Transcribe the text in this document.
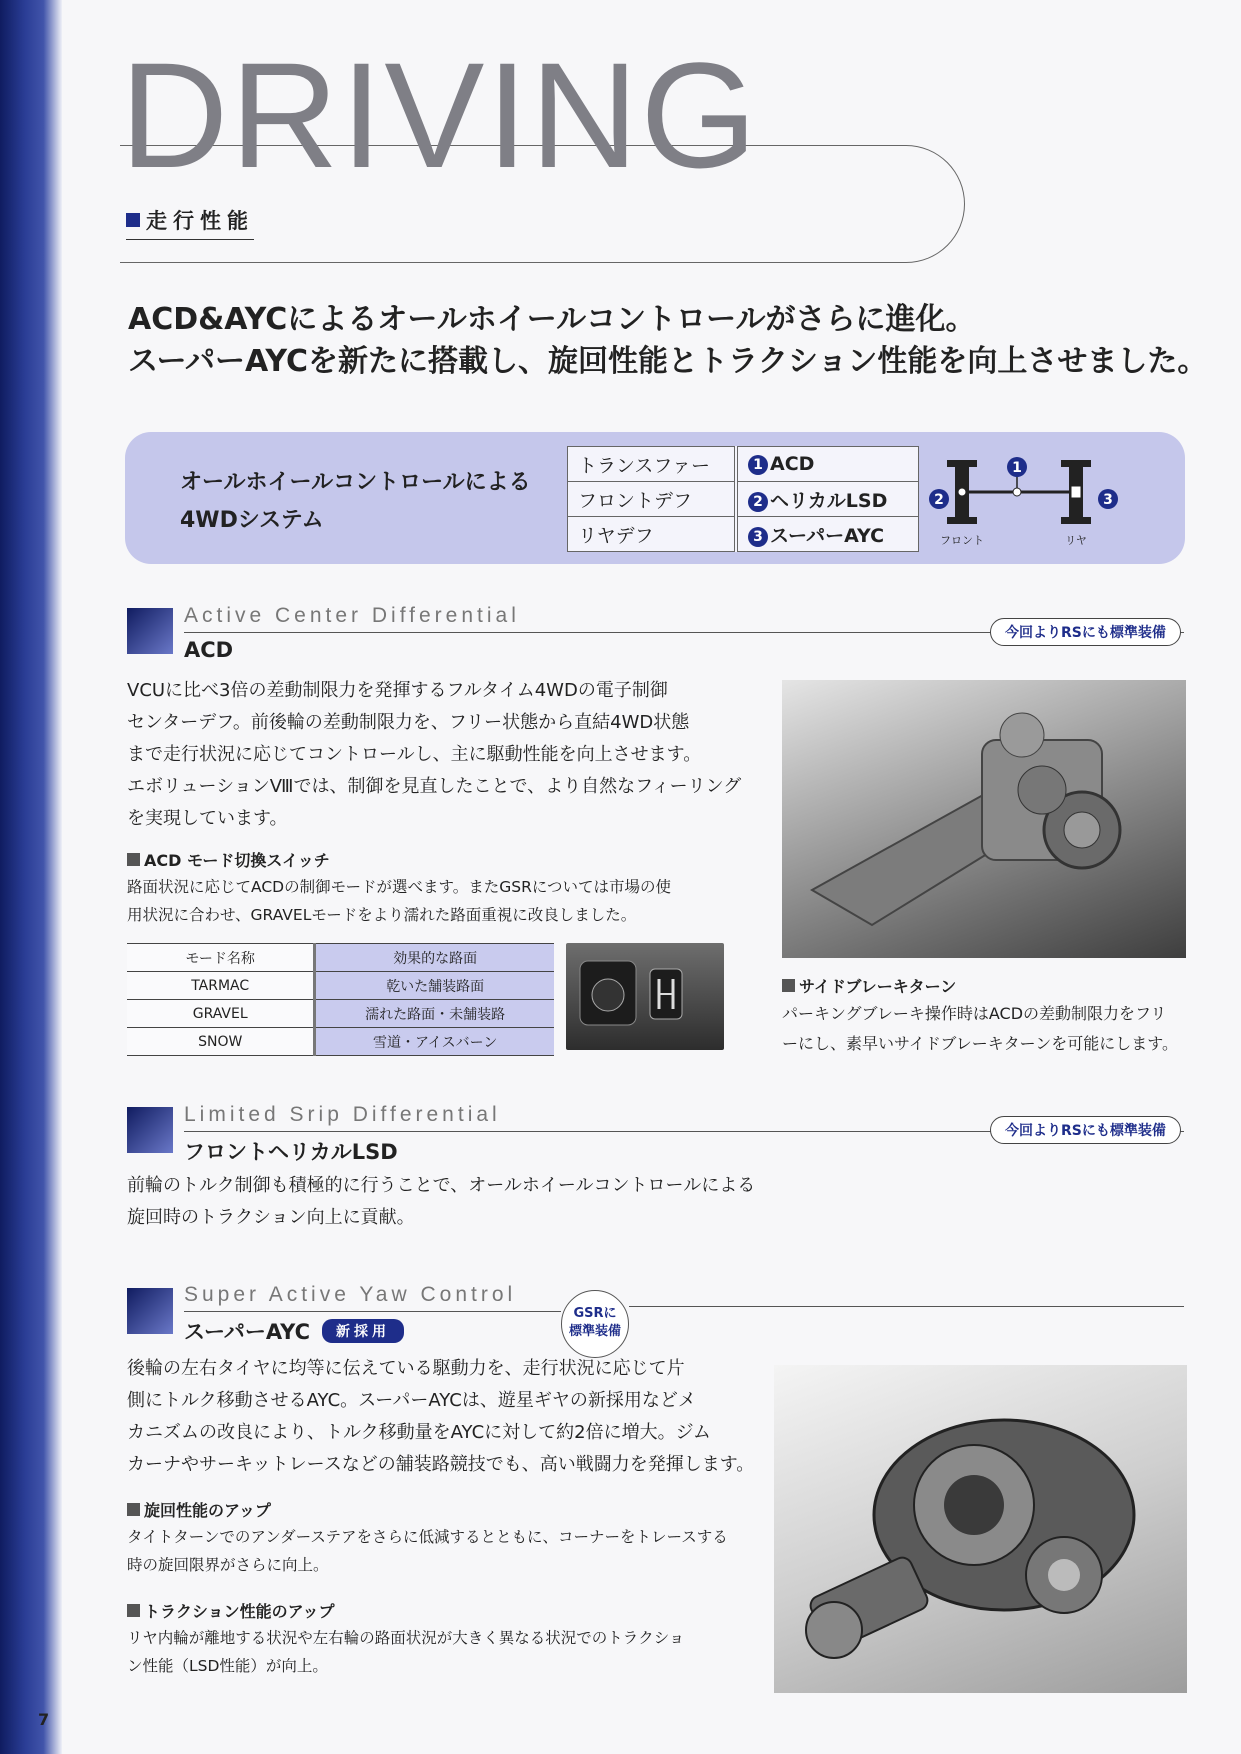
7
DRIVING
走行性能
ACD&AYCによるオールホイールコントロールがさらに進化。
スーパーAYCを新たに搭載し、旋回性能とトラクション性能を向上させました。
オールホイールコントロールによる
4WDシステム
トランスファー	1 ACD
フロントデフ	2 ヘリカルLSD
リヤデフ	3 スーパーAYC
1
2	3
フロント	リヤ
Active Center Differential
ACD
今回よりRSにも標準装備
VCUに比べ3倍の差動制限力を発揮するフルタイム4WDの電子制御
センターデフ。前後輪の差動制限力を、フリー状態から直結4WD状態
まで走行状況に応じてコントロールし、主に駆動性能を向上させます。
エボリューションⅧでは、制御を見直したことで、より自然なフィーリング
を実現しています。
ACD モード切換スイッチ
路面状況に応じてACDの制御モードが選べます。またGSRについては市場の使
用状況に合わせ、GRAVELモードをより濡れた路面重視に改良しました。
モード名称	効果的な路面
TARMAC	乾いた舗装路面
GRAVEL	濡れた路面・未舗装路
SNOW	雪道・アイスバーン
サイドブレーキターン
パーキングブレーキ操作時はACDの差動制限力をフリ
ーにし、素早いサイドブレーキターンを可能にします。
Limited Srip Differential
フロントヘリカルLSD
今回よりRSにも標準装備
前輪のトルク制御も積極的に行うことで、オールホイールコントロールによる
旋回時のトラクション向上に貢献。
Super Active Yaw Control
スーパーAYC	新採用
GSRに
標準装備
後輪の左右タイヤに均等に伝えている駆動力を、走行状況に応じて片
側にトルク移動させるAYC。スーパーAYCは、遊星ギヤの新採用などメ
カニズムの改良により、トルク移動量をAYCに対して約2倍に増大。ジム
カーナやサーキットレースなどの舗装路競技でも、高い戦闘力を発揮します。
旋回性能のアップ
タイトターンでのアンダーステアをさらに低減するとともに、コーナーをトレースする
時の旋回限界がさらに向上。
トラクション性能のアップ
リヤ内輪が離地する状況や左右輪の路面状況が大きく異なる状況でのトラクショ
ン性能（LSD性能）が向上。
